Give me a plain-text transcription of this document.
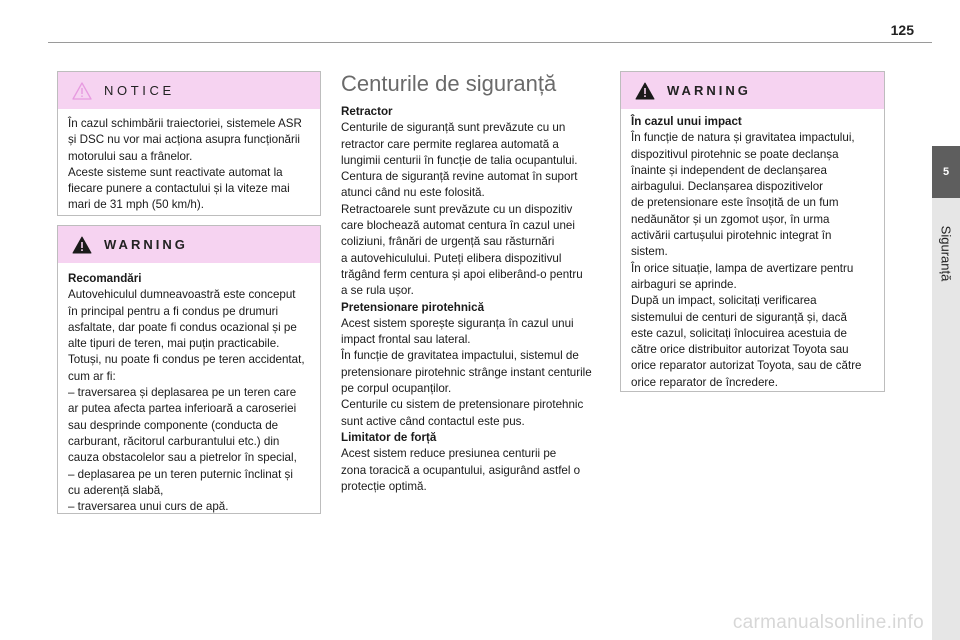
125
5
Siguranță
NOTICE

În cazul schimbării traiectoriei, sistemele ASR
și DSC nu vor mai acționa asupra funcționării
motorului sau a frânelor.
Aceste sisteme sunt reactivate automat la
fiecare punere a contactului și la viteze mai
mari de 31 mph (50 km/h).

WARNING

Recomandări

Autovehiculul dumneavoastră este conceput
în principal pentru a fi condus pe drumuri
asfaltate, dar poate fi condus ocazional și pe
alte tipuri de teren, mai puțin practicabile.
Totuși, nu poate fi condus pe teren accidentat,
cum ar fi:
– traversarea și deplasarea pe un teren care
ar putea afecta partea inferioară a caroseriei
sau desprinde componente (conducta de
carburant, răcitorul carburantului etc.) din
cauza obstacolelor sau a pietrelor în special,
– deplasarea pe un teren puternic înclinat și
cu aderență slabă,
– traversarea unui curs de apă.

Centurile de siguranță

Retractor

Centurile de siguranță sunt prevăzute cu un
retractor care permite reglarea automată a
lungimii centurii în funcție de talia ocupantului.
Centura de siguranță revine automat în suport
atunci când nu este folosită.
Retractoarele sunt prevăzute cu un dispozitiv
care blochează automat centura în cazul unei
coliziuni, frânări de urgență sau răsturnări
a autovehiculului. Puteți elibera dispozitivul
trăgând ferm centura și apoi eliberând-o pentru
a se rula ușor.

Pretensionare pirotehnică

Acest sistem sporește siguranța în cazul unui
impact frontal sau lateral.
În funcție de gravitatea impactului, sistemul de
pretensionare pirotehnic strânge instant centurile
pe corpul ocupanților.
Centurile cu sistem de pretensionare pirotehnic
sunt active când contactul este pus.

Limitator de forță

Acest sistem reduce presiunea centurii pe
zona toracică a ocupantului, asigurând astfel o
protecție optimă.

WARNING

În cazul unui impact

În funcție de natura și gravitatea impactului,
dispozitivul pirotehnic se poate declanșa
înainte și independent de declanșarea
airbagului. Declanșarea dispozitivelor
de pretensionare este însoțită de un fum
nedăunător și un zgomot ușor, în urma
activării cartușului pirotehnic integrat în
sistem.
În orice situație, lampa de avertizare pentru
airbaguri se aprinde.
După un impact, solicitați verificarea
sistemului de centuri de siguranță și, dacă
este cazul, solicitați înlocuirea acestuia de
către orice distribuitor autorizat Toyota sau
orice reparator autorizat Toyota, sau de către
orice reparator de încredere.

carmanualsonline.info
